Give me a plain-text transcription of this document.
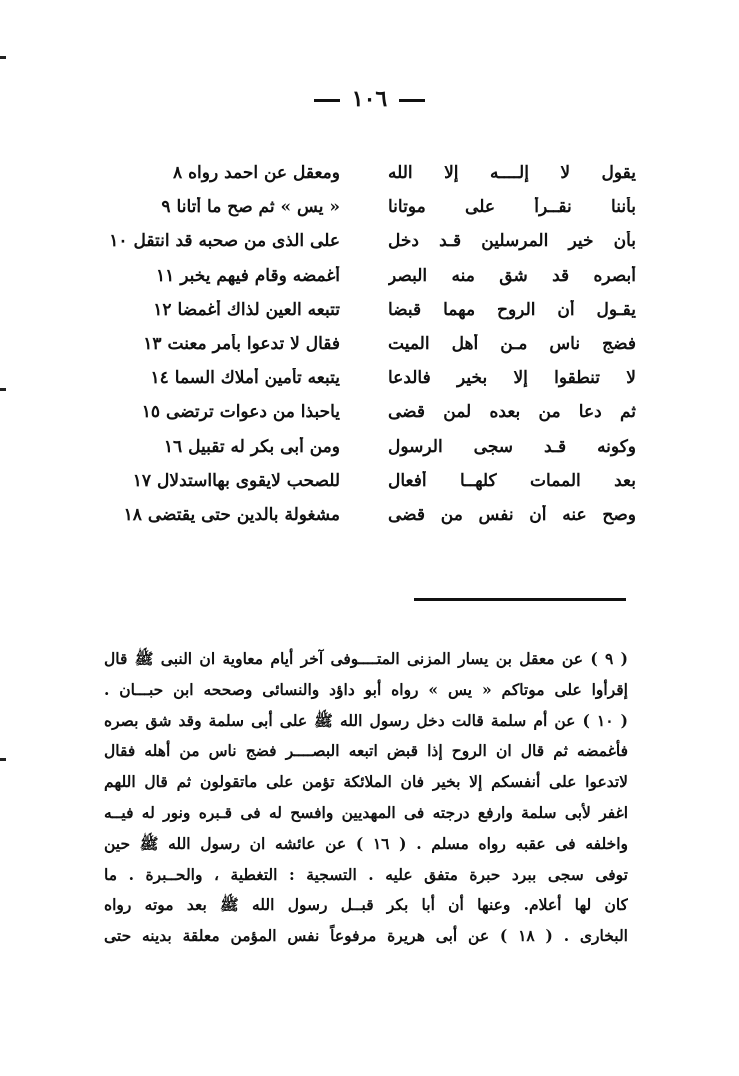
١٠٦
يقول لا إلــــه إلا الله
ومعقل عن احمد رواه٨
بأننا نقــرأ على موتانا
« يس » ثم صح ما أتانا٩
بأن خير المرسلين قـد دخل
على الذى من صحبه قد انتقل١٠
أبصره قد شق منه البصر
أغمضه وقام فيهم يخبر١١
يقـول أن الروح مهما قبضا
تتبعه العين لذاك أغمضا١٢
فضج ناس مـن أهل الميت
فقال لا تدعوا بأمر معنت١٣
لا تنطقوا إلا بخير فالدعا
يتبعه تأمين أملاك السما١٤
ثم دعا من بعده لمن قضى
ياحبذا من دعوات ترتضى١٥
وكونه قـد سجى الرسول
ومن أبى بكر له تقبيل١٦
بعد الممات كلهــا أفعال
للصحب لايقوى بهااستدلال١٧
وصح عنه أن نفس من قضى
مشغولة بالدين حتى يقتضى١٨
( ٩ ) عن معقل بن يسار المزنى المتــــوفى آخر أيام معاوية ان النبى ﷺ قال
إقرأوا على موتاكم « يس » رواه أبو داؤد والنسائى وصححه ابن حبـــان .
( ١٠ ) عن أم سلمة قالت دخل رسول الله ﷺ على أبى سلمة وقد شق بصره
فأغمضه ثم قال ان الروح إذا قبض اتبعه البصــــر فضج ناس من أهله فقال
لاتدعوا على أنفسكم إلا بخير فان الملائكة تؤمن على ماتقولون ثم قال اللهم
اغفر لأبى سلمة وارفع درجته فى المهديين وافسح له فى قـبره ونور له فيــه
واخلفه فى عقبه رواه مسلم . ( ١٦ ) عن عائشه ان رسول الله ﷺ حين
توفى سجى ببرد حبرة متفق عليه . التسجية : التغطية ، والحــبرة . ما
كان لها أعلام. وعنها أن أبا بكر قبــل رسول الله ﷺ بعد موته رواه
البخارى . ( ١٨ ) عن أبى هريرة مرفوعاً نفس المؤمن معلقة بدينه حتى
